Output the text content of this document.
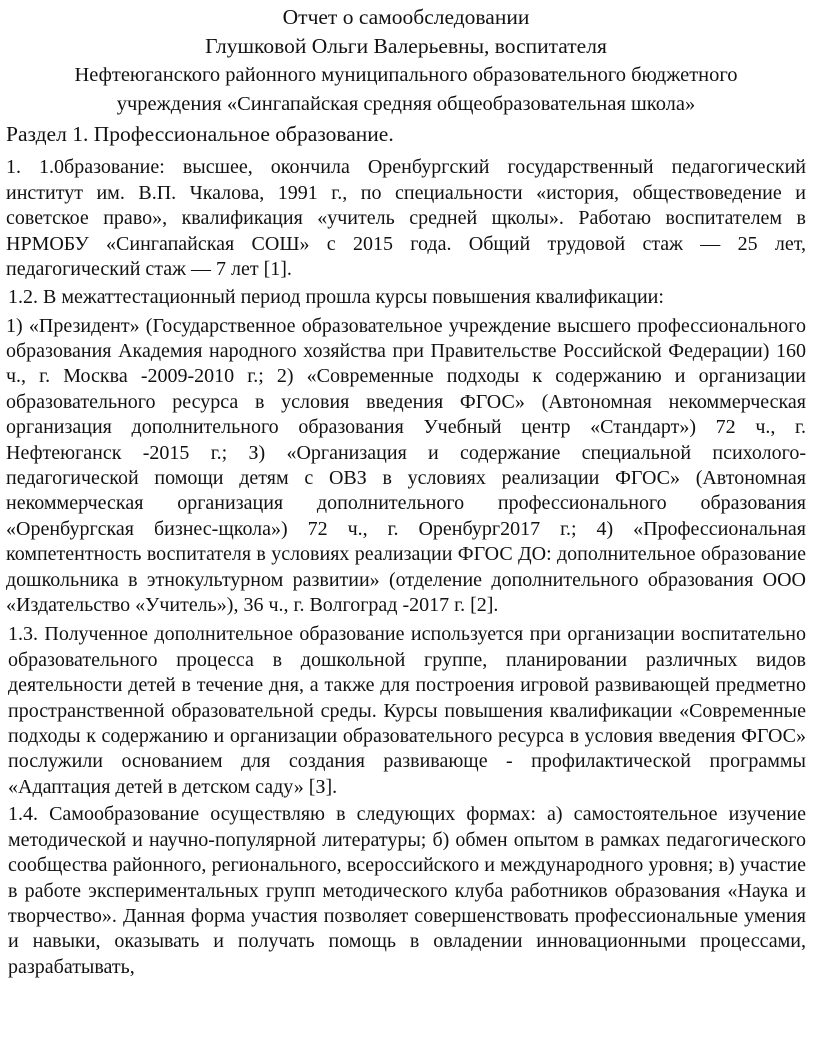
Отчет о самообследовании

Глушковой Ольги Валерьевны, воспитателя

Нефтеюганского районного муниципального образовательного бюджетного

учреждения «Сингапайская средняя общеобразовательная школа»

Раздел 1. Профессиональное образование.

1. 1.0бразование: высшее, окончила Оренбургский государственный педагогический институт им. В.П. Чкалова, 1991 г., по специальности «история, обществоведение и советское право», квалификация «учитель средней щколы». Работаю воспитателем в НРМОБУ «Сингапайская СОШ» с 2015 года. Общий трудовой стаж — 25 лет, педагогический стаж — 7 лет [1].

1.2. В межаттестационный период прошла курсы повышения квалификации:

1) «Президент» (Государственное образовательное учреждение высшего профессионального образования Академия народного хозяйства при Правительстве Российской Федерации) 160 ч., г. Москва -2009-2010 г.; 2) «Современные подходы к содержанию и организации образовательного ресурса в условия введения ФГОС» (Автономная некоммерческая организация дополнительного образования Учебный центр «Стандарт») 72 ч., г. Нефтеюганск -2015 г.; З) «Организация и содержание специальной психолого-педагогической помощи детям с ОВЗ в условиях реализации ФГОС» (Автономная некоммерческая организация дополнительного профессионального образования «Оренбургская бизнес-щкола») 72 ч., г. Оренбург2017 г.; 4) «Профессиональная компетентность воспитателя в условиях реализации ФГОС ДО: дополнительное образование дошкольника в этнокультурном развитии» (отделение дополнительного образования ООО «Издательство «Учитель»), 36 ч., г. Волгоград -2017 г. [2].

1.3. Полученное дополнительное образование используется при организации воспитательно образовательного процесса в дошкольной группе, планировании различных видов деятельности детей в течение дня, а также для построения игровой развивающей предметно пространственной образовательной среды. Курсы повышения квалификации «Современные подходы к содержанию и организации образовательного ресурса в условия введения ФГОС» послужили основанием для создания развивающе - профилактической программы «Адаптация детей в детском саду» [З].

1.4. Самообразование осуществляю в следующих формах: а) самостоятельное изучение методической и научно-популярной литературы; б) обмен опытом в рамках педагогического сообщества районного, регионального, всероссийского и международного уровня; в) участие в работе экспериментальных групп методического клуба работников образования «Наука и творчество». Данная форма участия позволяет совершенствовать профессиональные умения и навыки, оказывать и получать помощь в овладении инновационными процессами, разрабатывать,
